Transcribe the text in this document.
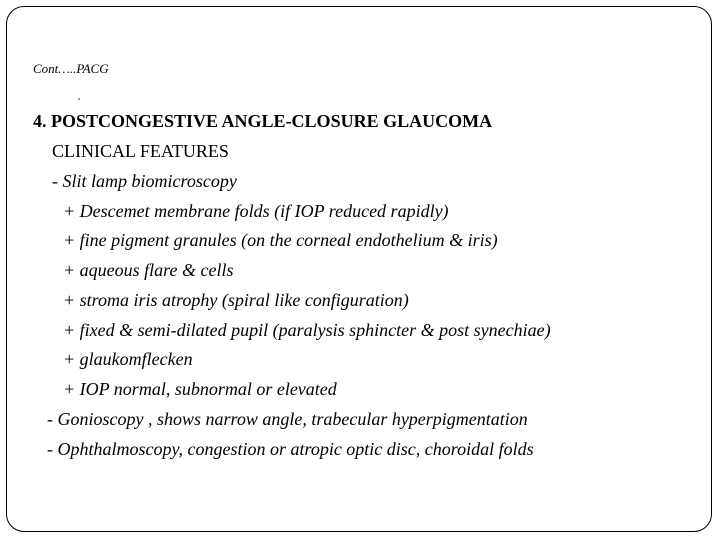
Cont…..PACG
4. POSTCONGESTIVE ANGLE-CLOSURE GLAUCOMA
CLINICAL FEATURES
- Slit lamp biomicroscopy
+ Descemet membrane folds (if IOP reduced rapidly)
+ fine pigment granules (on the corneal endothelium & iris)
+ aqueous flare & cells
+ stroma iris atrophy (spiral like configuration)
+ fixed & semi-dilated pupil (paralysis sphincter & post synechiae)
+ glaukomflecken
+ IOP normal, subnormal or elevated
- Gonioscopy , shows narrow angle, trabecular hyperpigmentation
- Ophthalmoscopy, congestion or atropic optic disc, choroidal folds
